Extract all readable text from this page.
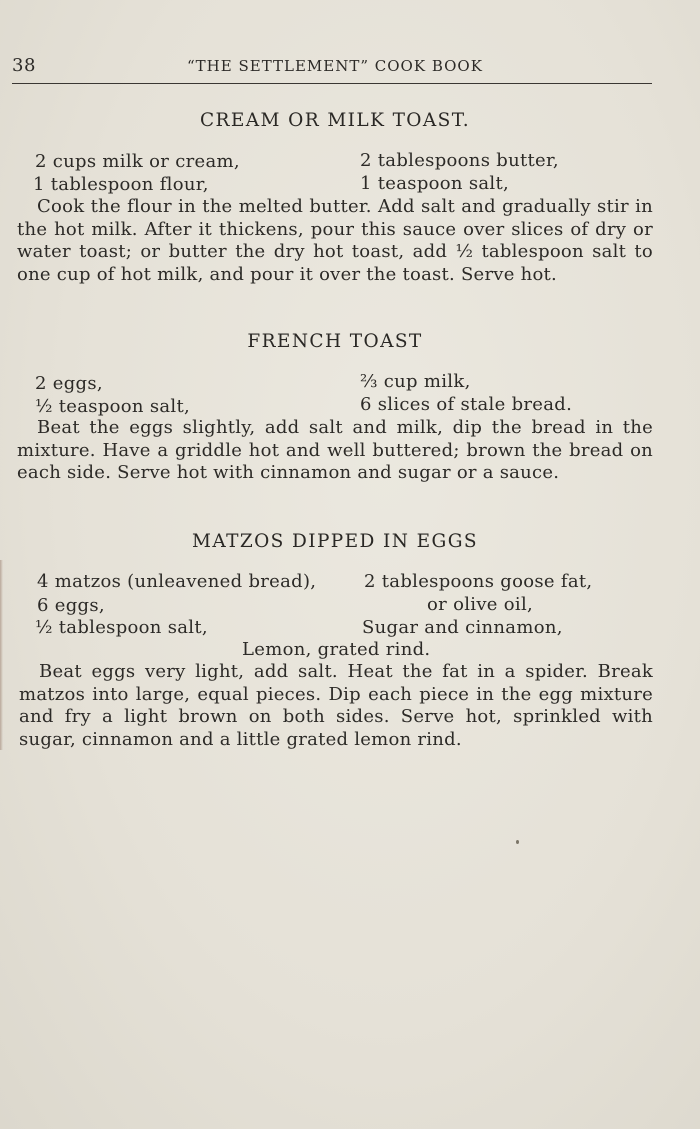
38	“THE SETTLEMENT” COOK BOOK
CREAM OR MILK TOAST.
2 cups milk or cream,	2 tablespoons butter,
1 tablespoon flour,	1 teaspoon salt,
Cook the flour in the melted butter. Add salt and gradually stir in the hot milk. After it thickens, pour this sauce over slices of dry or water toast; or butter the dry hot toast, add ½ tablespoon salt to one cup of hot milk, and pour it over the toast. Serve hot.
FRENCH TOAST
2 eggs,	⅔ cup milk,
½ teaspoon salt,	6 slices of stale bread.
Beat the eggs slightly, add salt and milk, dip the bread in the mixture. Have a griddle hot and well buttered; brown the bread on each side. Serve hot with cinnamon and sugar or a sauce.
MATZOS DIPPED IN EGGS
4 matzos (unleavened bread),	2 tablespoons goose fat,
6 eggs,	or olive oil,
½ tablespoon salt,	Sugar and cinnamon,
Lemon, grated rind.
Beat eggs very light, add salt. Heat the fat in a spider. Break matzos into large, equal pieces. Dip each piece in the egg mixture and fry a light brown on both sides. Serve hot, sprinkled with sugar, cinnamon and a little grated lemon rind.
